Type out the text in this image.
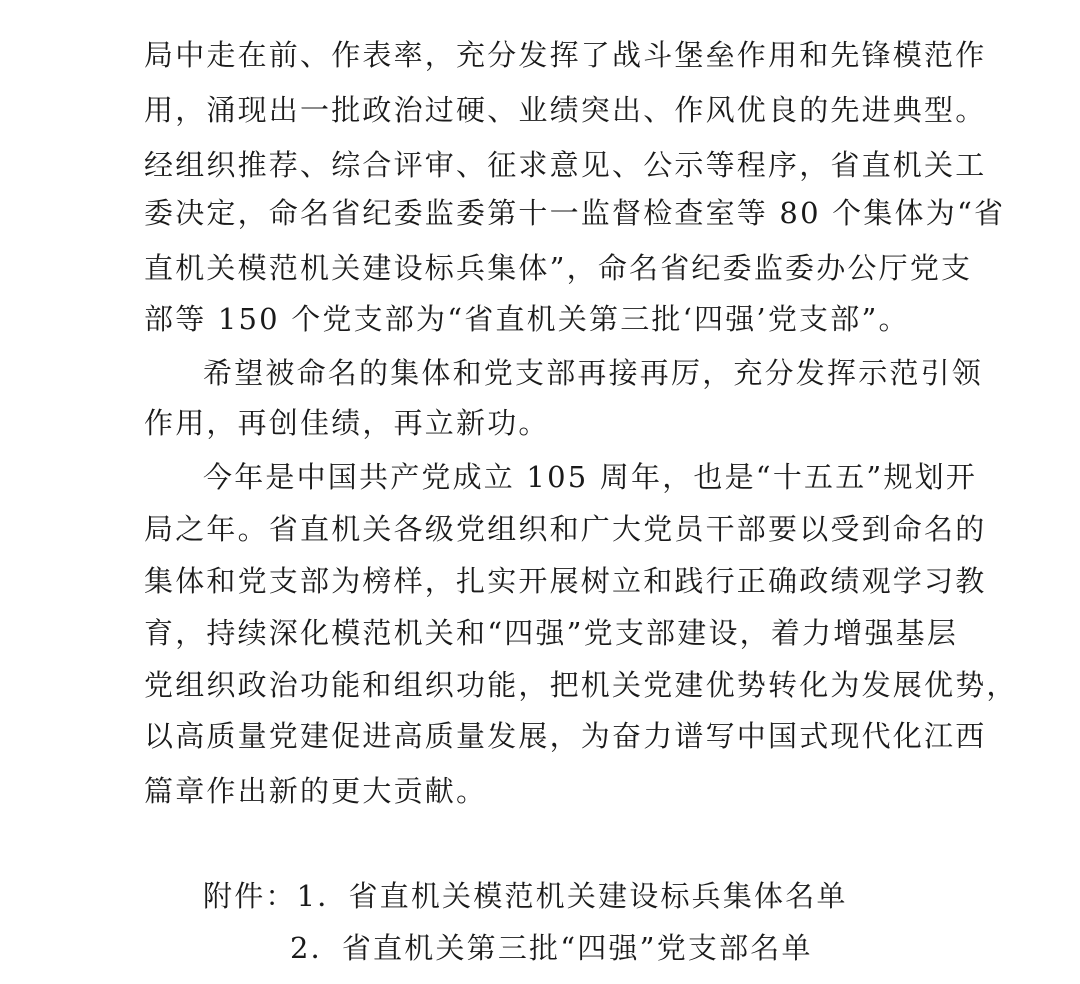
局中走在前、作表率，充分发挥了战斗堡垒作用和先锋模范作
用，涌现出一批政治过硬、业绩突出、作风优良的先进典型。
经组织推荐、综合评审、征求意见、公示等程序，省直机关工
委决定，命名省纪委监委第十一监督检查室等 80 个集体为“省
直机关模范机关建设标兵集体”，命名省纪委监委办公厅党支
部等 150 个党支部为“省直机关第三批‘四强’党支部”。
希望被命名的集体和党支部再接再厉，充分发挥示范引领
作用，再创佳绩，再立新功。
今年是中国共产党成立 105 周年，也是“十五五”规划开
局之年。省直机关各级党组织和广大党员干部要以受到命名的
集体和党支部为榜样，扎实开展树立和践行正确政绩观学习教
育，持续深化模范机关和“四强”党支部建设，着力增强基层
党组织政治功能和组织功能，把机关党建优势转化为发展优势，
以高质量党建促进高质量发展，为奋力谱写中国式现代化江西
篇章作出新的更大贡献。
附件：1．省直机关模范机关建设标兵集体名单
2．省直机关第三批“四强”党支部名单
